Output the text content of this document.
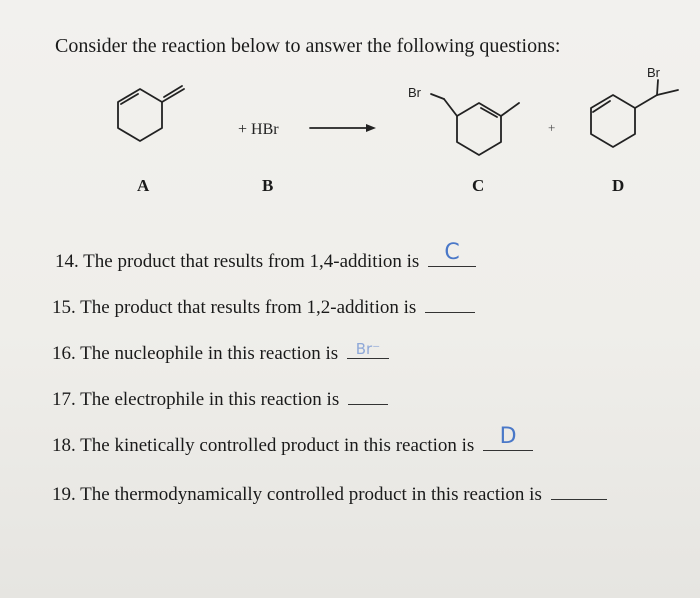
Consider the reaction below to answer the following questions:
+ HBr	+
Br
Br
A	B	C	D
14. The product that results from 1,4-addition is	C
15. The product that results from 1,2-addition is
16. The nucleophile in this reaction is	Br⁻
17. The electrophile in this reaction is
18. The kinetically controlled product in this reaction is	D
19. The thermodynamically controlled product in this reaction is
